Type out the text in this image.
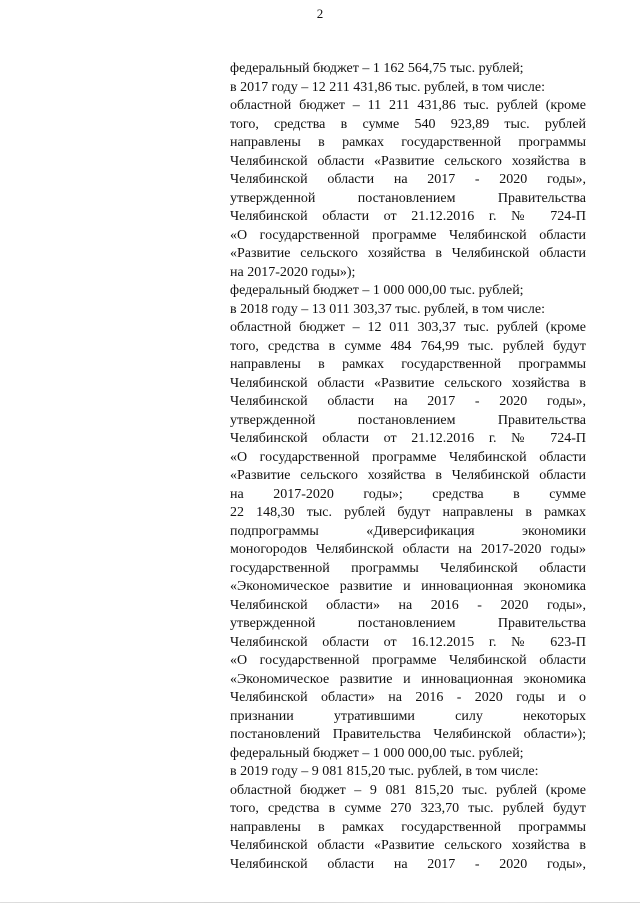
2
федеральный бюджет – 1 162 564,75 тыс. рублей;
в 2017 году – 12 211 431,86 тыс. рублей, в том числе:
областной бюджет – 11 211 431,86 тыс. рублей (кроме
того, средства в сумме 540 923,89 тыс. рублей
направлены в рамках государственной программы
Челябинской области «Развитие сельского хозяйства в
Челябинской области на 2017 - 2020 годы»,
утвержденной постановлением Правительства
Челябинской области от 21.12.2016 г. № 724-П
«О государственной программе Челябинской области
«Развитие сельского хозяйства в Челябинской области
на 2017-2020 годы»);
федеральный бюджет – 1 000 000,00 тыс. рублей;
в 2018 году – 13 011 303,37 тыс. рублей, в том числе:
областной бюджет – 12 011 303,37 тыс. рублей (кроме
того, средства в сумме 484 764,99 тыс. рублей будут
направлены в рамках государственной программы
Челябинской области «Развитие сельского хозяйства в
Челябинской области на 2017 - 2020 годы»,
утвержденной постановлением Правительства
Челябинской области от 21.12.2016 г. № 724-П
«О государственной программе Челябинской области
«Развитие сельского хозяйства в Челябинской области
на 2017-2020 годы»; средства в сумме
22 148,30 тыс. рублей будут направлены в рамках
подпрограммы «Диверсификация экономики
моногородов Челябинской области на 2017-2020 годы»
государственной программы Челябинской области
«Экономическое развитие и инновационная экономика
Челябинской области» на 2016 - 2020 годы»,
утвержденной постановлением Правительства
Челябинской области от 16.12.2015 г. № 623-П
«О государственной программе Челябинской области
«Экономическое развитие и инновационная экономика
Челябинской области» на 2016 - 2020 годы и о
признании утратившими силу некоторых
постановлений Правительства Челябинской области»);
федеральный бюджет – 1 000 000,00 тыс. рублей;
в 2019 году – 9 081 815,20 тыс. рублей, в том числе:
областной бюджет – 9 081 815,20 тыс. рублей (кроме
того, средства в сумме 270 323,70 тыс. рублей будут
направлены в рамках государственной программы
Челябинской области «Развитие сельского хозяйства в
Челябинской области на 2017 - 2020 годы»,
